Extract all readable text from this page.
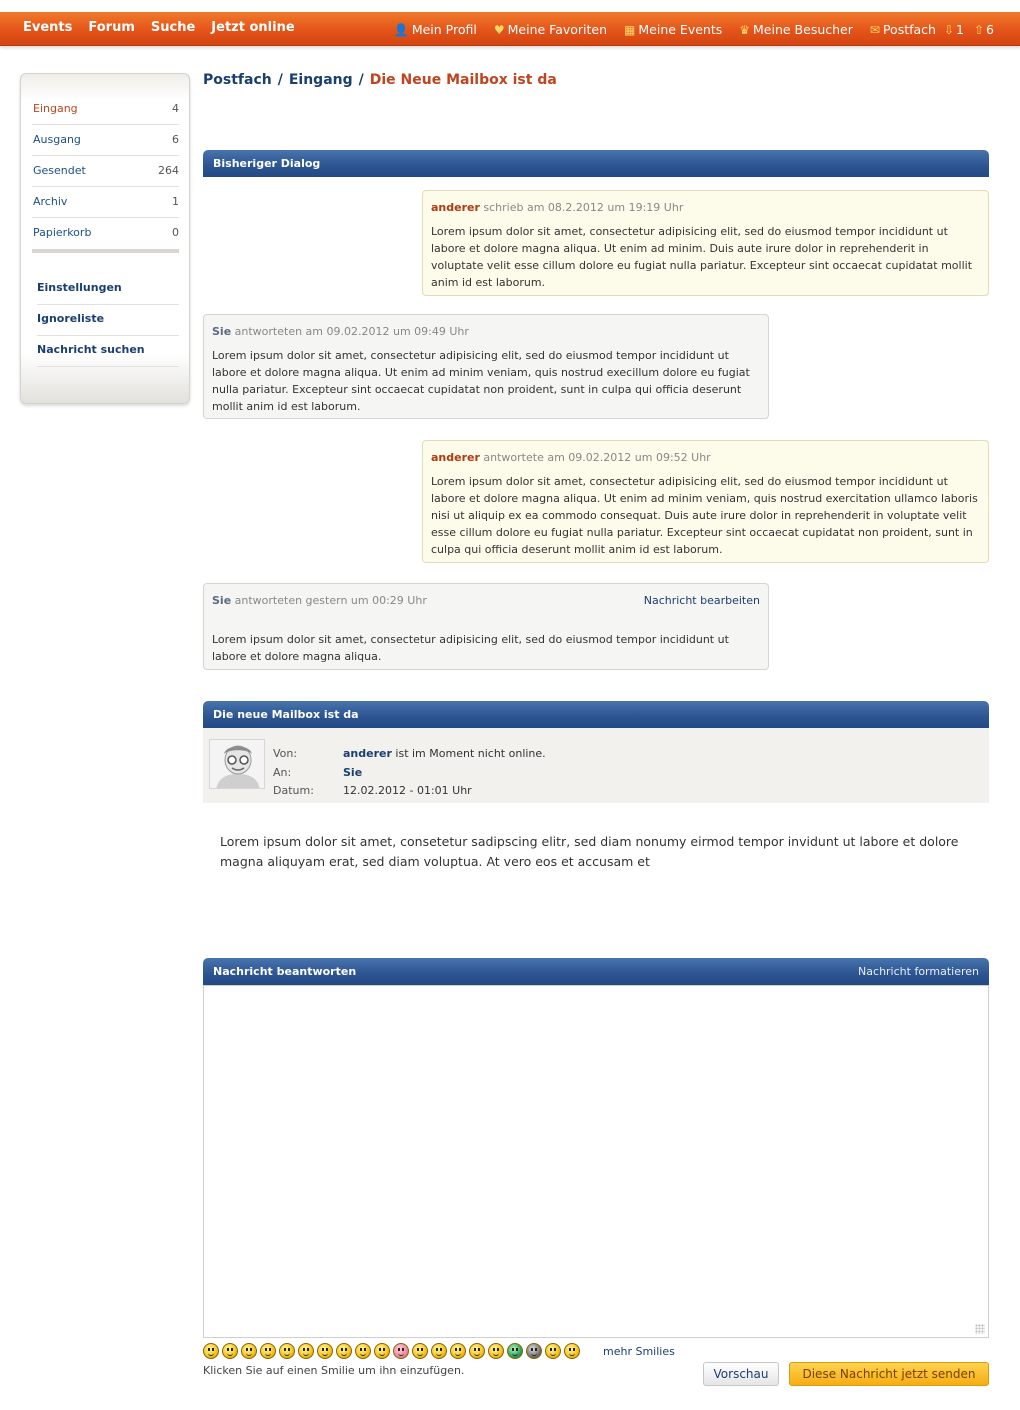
Events Forum Suche Jetzt online	👤 Mein Profil ♥ Meine Favoriten ▦ Meine Events ♛ Meine Besucher ✉ Postfach ⇩ 1 ⇧ 6
Eingang	4
Ausgang	6
Gesendet	264
Archiv	1
Papierkorb	0
Einstellungen
Ignoreliste
Nachricht suchen
Postfach / Eingang / Die Neue Mailbox ist da
Bisheriger Dialog
anderer schrieb am 08.2.2012 um 19:19 Uhr
Lorem ipsum dolor sit amet, consectetur adipisicing elit, sed do eiusmod tempor incididunt ut labore et dolore magna aliqua. Ut enim ad minim. Duis aute irure dolor in reprehenderit in voluptate velit esse cillum dolore eu fugiat nulla pariatur. Excepteur sint occaecat cupidatat mollit anim id est laborum.
Sie antworteten am 09.02.2012 um 09:49 Uhr
Lorem ipsum dolor sit amet, consectetur adipisicing elit, sed do eiusmod tempor incididunt ut labore et dolore magna aliqua. Ut enim ad minim veniam, quis nostrud execillum dolore eu fugiat nulla pariatur. Excepteur sint occaecat cupidatat non proident, sunt in culpa qui officia deserunt mollit anim id est laborum.
anderer antwortete am 09.02.2012 um 09:52 Uhr
Lorem ipsum dolor sit amet, consectetur adipisicing elit, sed do eiusmod tempor incididunt ut labore et dolore magna aliqua. Ut enim ad minim veniam, quis nostrud exercitation ullamco laboris nisi ut aliquip ex ea commodo consequat. Duis aute irure dolor in reprehenderit in voluptate velit esse cillum dolore eu fugiat nulla pariatur. Excepteur sint occaecat cupidatat non proident, sunt in culpa qui officia deserunt mollit anim id est laborum.
Sie antworteten gestern um 00:29 Uhr	Nachricht bearbeiten
Lorem ipsum dolor sit amet, consectetur adipisicing elit, sed do eiusmod tempor incididunt ut labore et dolore magna aliqua.
Die neue Mailbox ist da
Von:	anderer ist im Moment nicht online.
An:	Sie
Datum:	12.02.2012 - 01:01 Uhr
Lorem ipsum dolor sit amet, consetetur sadipscing elitr, sed diam nonumy eirmod tempor invidunt ut labore et dolore magna aliquyam erat, sed diam voluptua. At vero eos et accusam et
Nachricht beantworten	Nachricht formatieren
mehr Smilies
Klicken Sie auf einen Smilie um ihn einzufügen.	Vorschau	Diese Nachricht jetzt senden
